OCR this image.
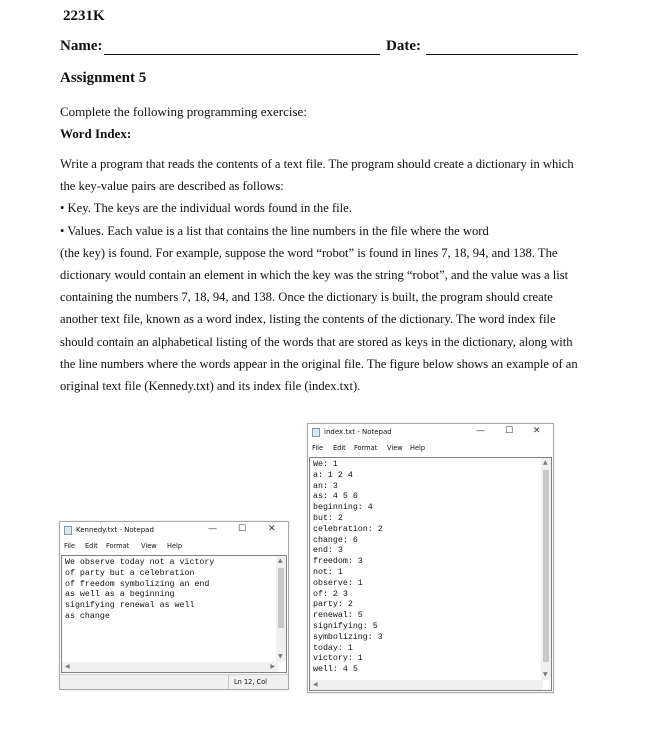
2231K
Name:	Date:
Assignment 5
Complete the following programming exercise:
Word Index:
Write a program that reads the contents of a text file. The program should create a dictionary in which
the key-value pairs are described as follows:
• Key. The keys are the individual words found in the file.
• Values. Each value is a list that contains the line numbers in the file where the word
(the key) is found. For example, suppose the word “robot” is found in lines 7, 18, 94, and 138. The
dictionary would contain an element in which the key was the string “robot”, and the value was a list
containing the numbers 7, 18, 94, and 138. Once the dictionary is built, the program should create
another text file, known as a word index, listing the contents of the dictionary. The word index file
should contain an alphabetical listing of the words that are stored as keys in the dictionary, along with
the line numbers where the words appear in the original file. The figure below shows an example of an
original text file (Kennedy.txt) and its index file (index.txt).
Kennedy.txt - Notepad	— ☐ ✕
File Edit Format View Help
We observe today not a victory
of party but a celebration
of freedom symbolizing an end
as well as a beginning
signifying renewal as well
as change
▲
▼
◀	▶
Ln 12, Col
index.txt - Notepad	— ☐ ✕
File Edit Format View Help
We: 1
a: 1 2 4
an: 3
as: 4 5 6
beginning: 4
but: 2
celebration: 2
change: 6
end: 3
freedom: 3
not: 1
observe: 1
of: 2 3
party: 2
renewal: 5
signifying: 5
symbolizing: 3
today: 1
victory: 1
well: 4 5
▲
▼
◀
